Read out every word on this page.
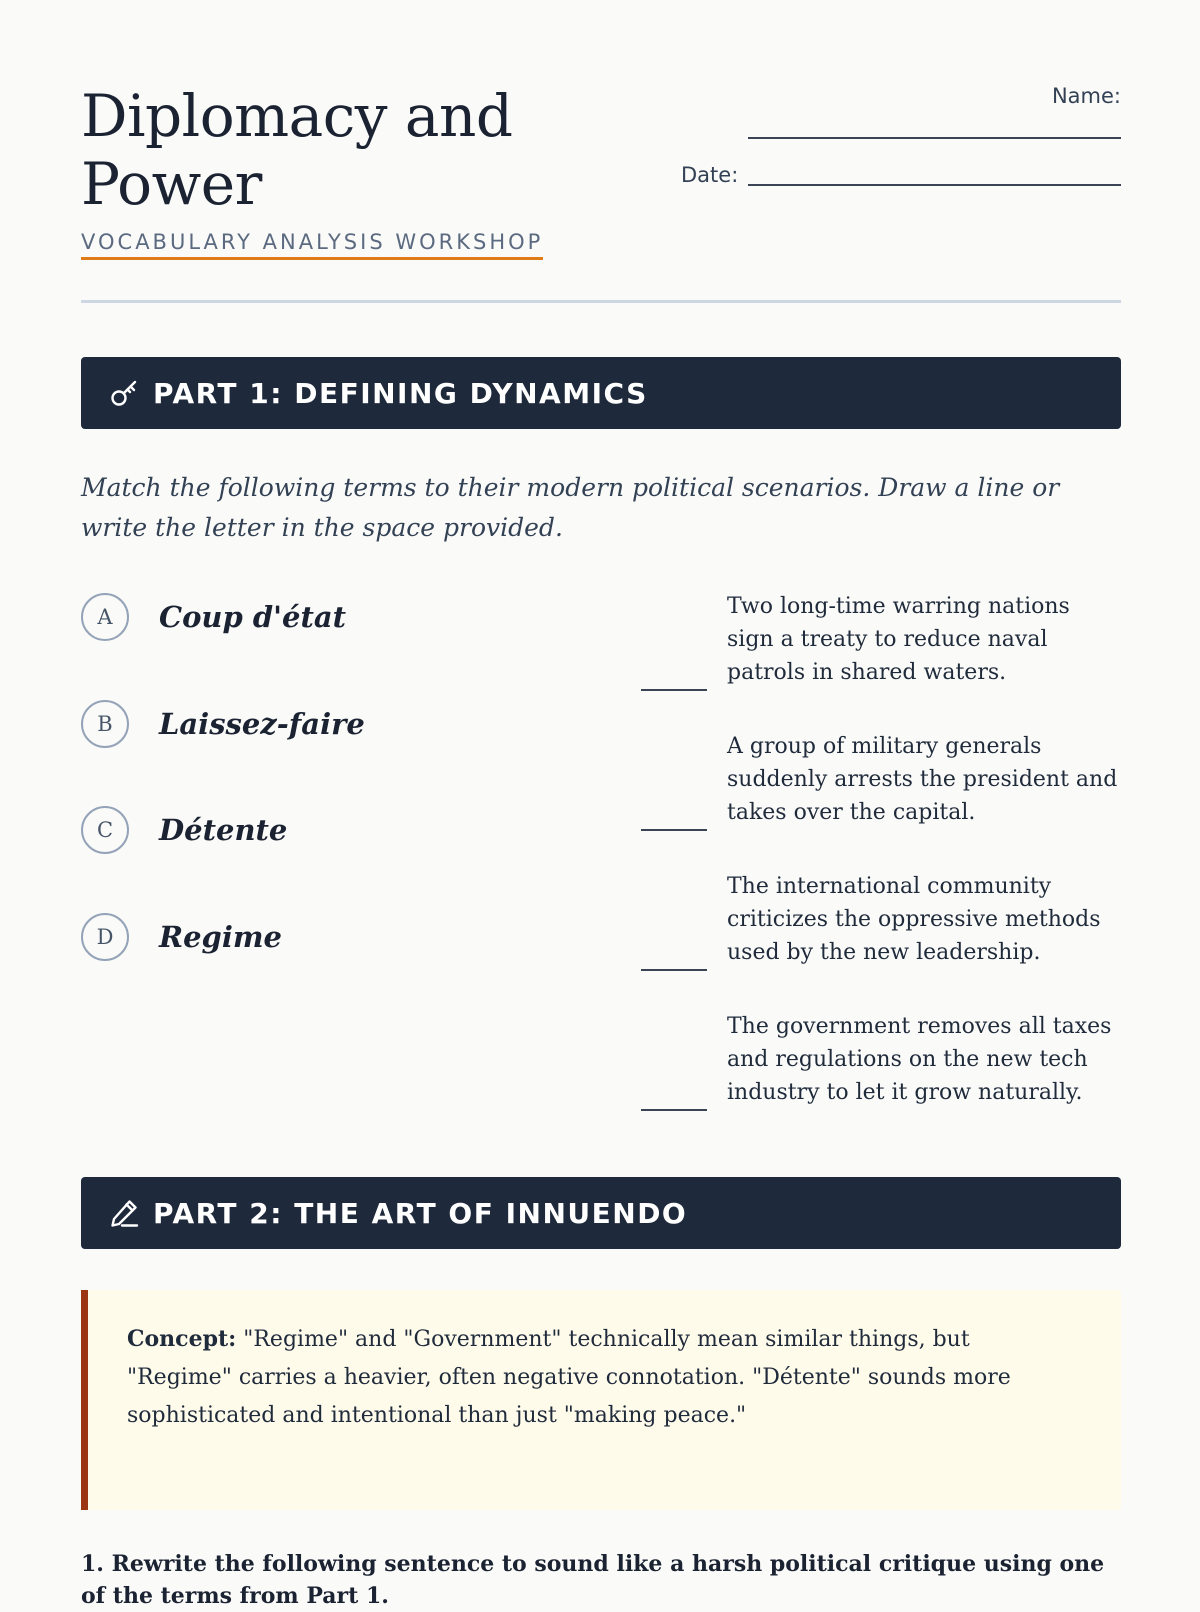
Diplomacy and Power
VOCABULARY ANALYSIS WORKSHOP
Name:
Date:
PART 1: DEFINING DYNAMICS

Match the following terms to their modern political scenarios. Draw a line or write the letter in the space provided.

A	Coup d'état
B	Laissez-faire
C	Détente
D	Regime
Two long-time warring nations sign a treaty to reduce naval patrols in shared waters.
A group of military generals suddenly arrests the president and takes over the capital.
The international community criticizes the oppressive methods used by the new leadership.
The government removes all taxes and regulations on the new tech industry to let it grow naturally.
PART 2: THE ART OF INNUENDO
Concept: "Regime" and "Government" technically mean similar things, but "Regime" carries a heavier, often negative connotation. "Détente" sounds more sophisticated and intentional than just "making peace."

1. Rewrite the following sentence to sound like a harsh political critique using one of the terms from Part 1.
